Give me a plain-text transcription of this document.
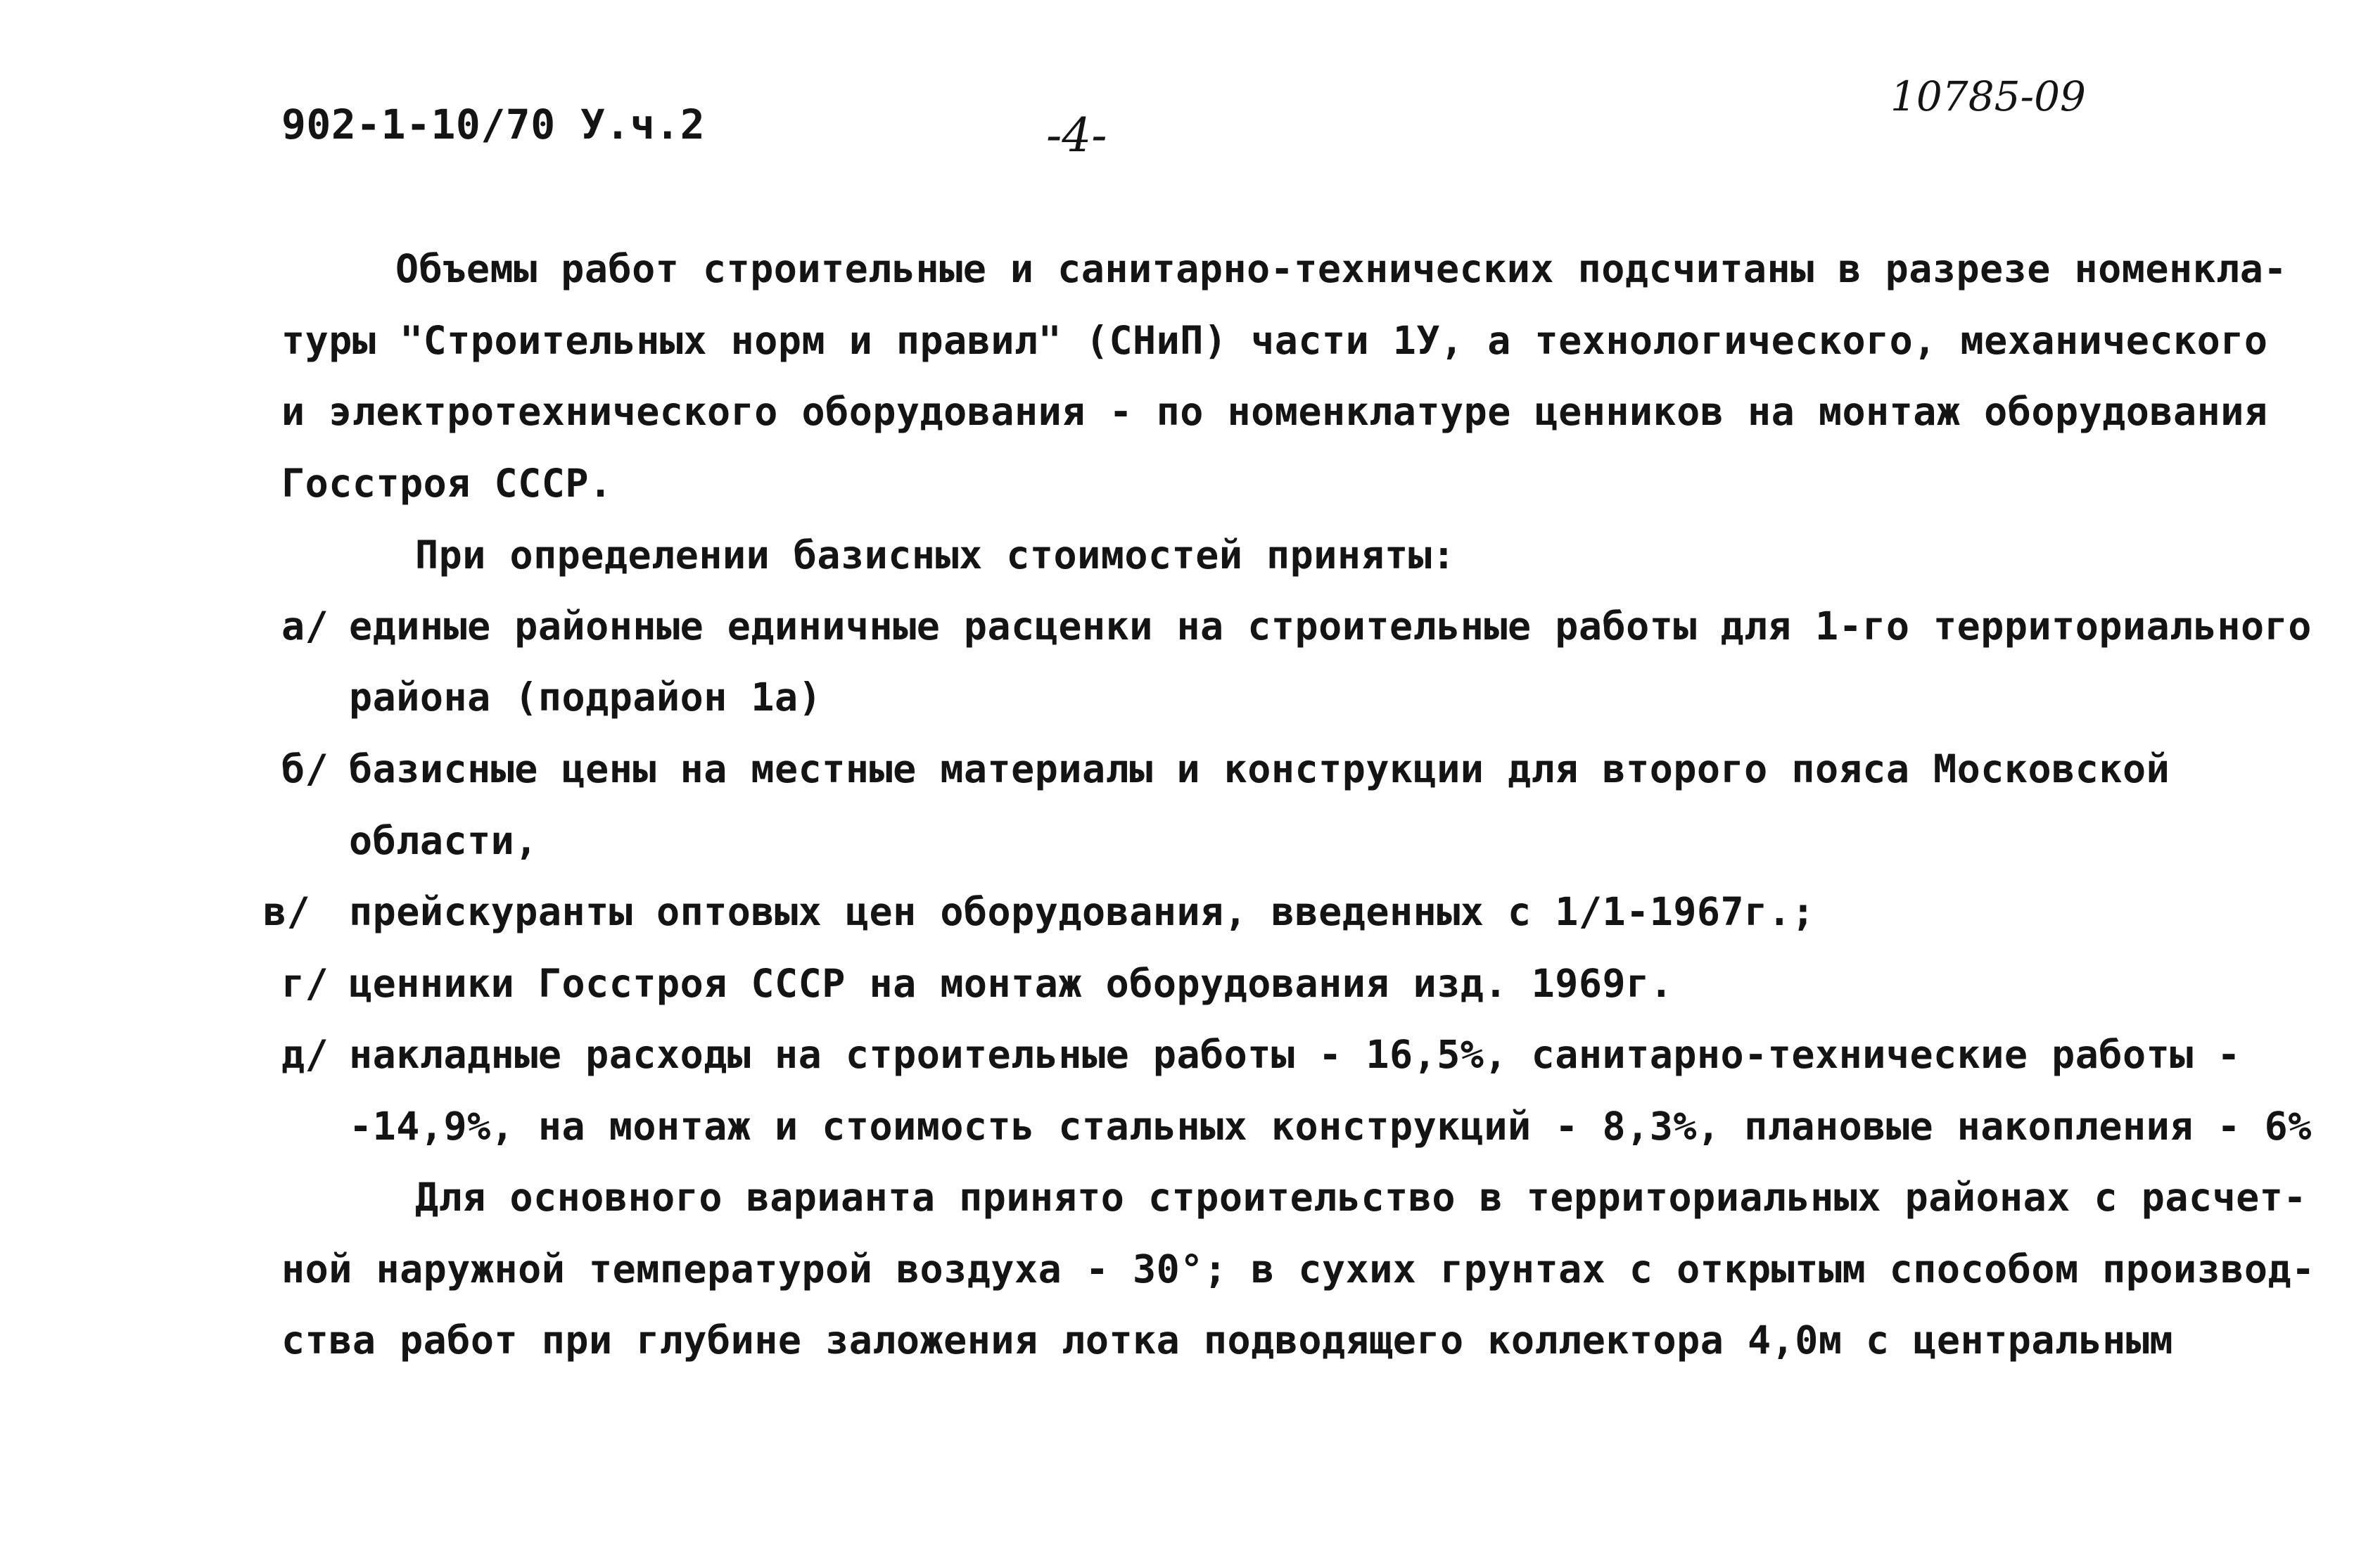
902-1-10/70 У.ч.2	-4-
10785-09
Объемы работ строительные и санитарно-технических подсчитаны в разрезе номенкла-
туры "Строительных норм и правил" (СНиП) части 1У, а технологического, механического
и электротехнического оборудования - по номенклатуре ценников на монтаж оборудования
Госстроя СССР.
При определении базисных стоимостей приняты:
а/ единые районные единичные расценки на строительные работы для 1-го территориального
района (подрайон 1а)
б/ базисные цены на местные материалы и конструкции для второго пояса Московской
области,
в/ прейскуранты оптовых цен оборудования, введенных с 1/1-1967г.;
г/ ценники Госстроя СССР на монтаж оборудования изд. 1969г.
д/ накладные расходы на строительные работы - 16,5%, санитарно-технические работы -
-14,9%, на монтаж и стоимость стальных конструкций - 8,3%, плановые накопления - 6%
Для основного варианта принято строительство в территориальных районах с расчет-
ной наружной температурой воздуха - 30°; в сухих грунтах с открытым способом производ-
ства работ при глубине заложения лотка подводящего коллектора 4,0м с центральным
